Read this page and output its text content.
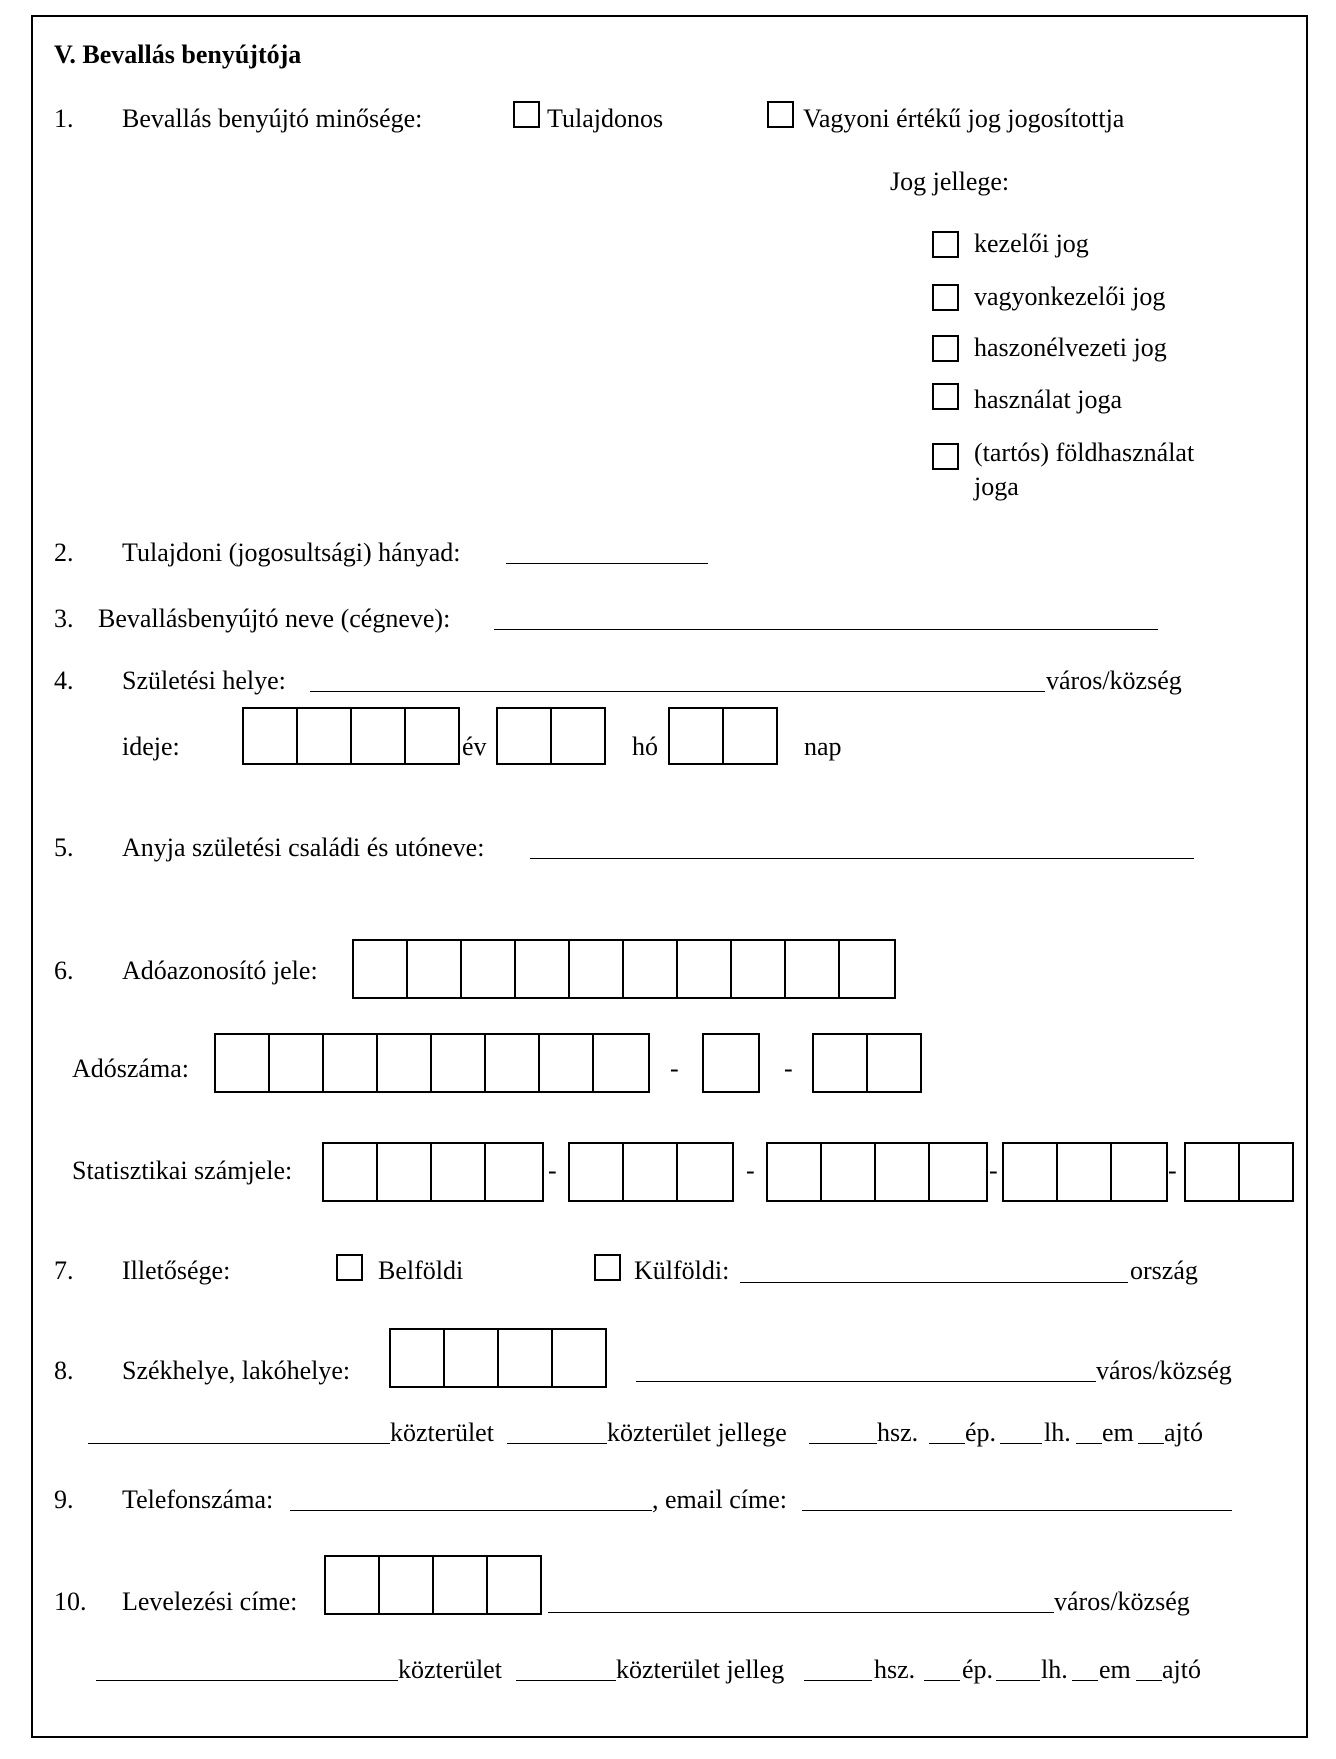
V. Bevallás benyújtója
1. Bevallás benyújtó minősége:	Tulajdonos	Vagyoni értékű jog jogosítottja
Jog jellege:
kezelői jog
vagyonkezelői jog
haszonélvezeti jog
használat joga
(tartós) földhasználat
joga
2. Tulajdoni (jogosultsági) hányad:
3. Bevallásbenyújtó neve (cégneve):
4. Születési helye:	város/község
ideje:	év	hó	nap
5. Anyja születési családi és utóneve:
6. Adóazonosító jele:
Adószáma:	-	-
Statisztikai számjele:	-	-	-	-
7. Illetősége:	Belföldi	Külföldi:	ország
8. Székhelye, lakóhelye:	város/község
közterület	közterület jellege	hsz. ép. lh. em ajtó
9. Telefonszáma:	, email címe:
10. Levelezési címe:	város/község
közterület	közterület jelleg	hsz. ép. lh. em ajtó
